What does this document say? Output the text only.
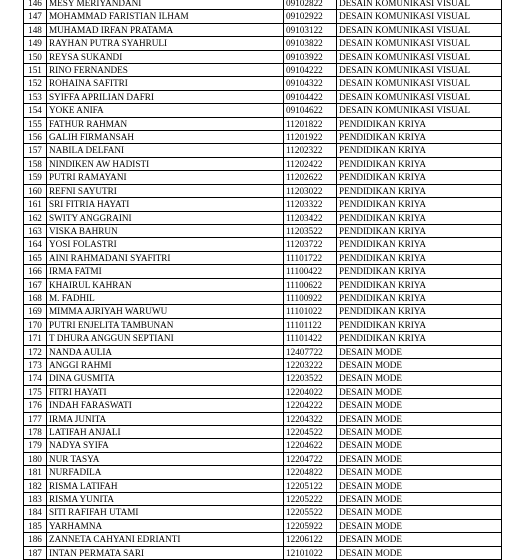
146	MESY MERIYANDANI	09102822	DESAIN KOMUNIKASI VISUAL
147	MOHAMMAD FARISTIAN ILHAM	09102922	DESAIN KOMUNIKASI VISUAL
148	MUHAMAD IRFAN PRATAMA	09103122	DESAIN KOMUNIKASI VISUAL
149	RAYHAN PUTRA SYAHRULI	09103822	DESAIN KOMUNIKASI VISUAL
150	REYSA SUKANDI	09103922	DESAIN KOMUNIKASI VISUAL
151	RINO FERNANDES	09104222	DESAIN KOMUNIKASI VISUAL
152	ROHAINA SAFITRI	09104322	DESAIN KOMUNIKASI VISUAL
153	SYIFFA APRILIAN DAFRI	09104422	DESAIN KOMUNIKASI VISUAL
154	YOKE ANIFA	09104622	DESAIN KOMUNIKASI VISUAL
155	FATHUR RAHMAN	11201822	PENDIDIKAN KRIYA
156	GALIH FIRMANSAH	11201922	PENDIDIKAN KRIYA
157	NABILA DELFANI	11202322	PENDIDIKAN KRIYA
158	NINDIKEN AW HADISTI	11202422	PENDIDIKAN KRIYA
159	PUTRI RAMAYANI	11202622	PENDIDIKAN KRIYA
160	REFNI SAYUTRI	11203022	PENDIDIKAN KRIYA
161	SRI FITRIA HAYATI	11203322	PENDIDIKAN KRIYA
162	SWITY ANGGRAINI	11203422	PENDIDIKAN KRIYA
163	VISKA BAHRUN	11203522	PENDIDIKAN KRIYA
164	YOSI FOLASTRI	11203722	PENDIDIKAN KRIYA
165	AINI RAHMADANI SYAFITRI	11101722	PENDIDIKAN KRIYA
166	IRMA FATMI	11100422	PENDIDIKAN KRIYA
167	KHAIRUL KAHRAN	11100622	PENDIDIKAN KRIYA
168	M. FADHIL	11100922	PENDIDIKAN KRIYA
169	MIMMA AJRIYAH WARUWU	11101022	PENDIDIKAN KRIYA
170	PUTRI ENJELITA TAMBUNAN	11101122	PENDIDIKAN KRIYA
171	T DHURA ANGGUN SEPTIANI	11101422	PENDIDIKAN KRIYA
172	NANDA AULIA	12407722	DESAIN MODE
173	ANGGI RAHMI	12203222	DESAIN MODE
174	DINA GUSMITA	12203522	DESAIN MODE
175	FITRI HAYATI	12204022	DESAIN MODE
176	INDAH FARASWATI	12204222	DESAIN MODE
177	IRMA JUNITA	12204322	DESAIN MODE
178	LATIFAH ANJALI	12204522	DESAIN MODE
179	NADYA SYIFA	12204622	DESAIN MODE
180	NUR TASYA	12204722	DESAIN MODE
181	NURFADILA	12204822	DESAIN MODE
182	RISMA LATIFAH	12205122	DESAIN MODE
183	RISMA YUNITA	12205222	DESAIN MODE
184	SITI RAFIFAH UTAMI	12205522	DESAIN MODE
185	YARHAMNA	12205922	DESAIN MODE
186	ZANNETA CAHYANI EDRIANTI	12206122	DESAIN MODE
187	INTAN PERMATA SARI	12101022	DESAIN MODE
